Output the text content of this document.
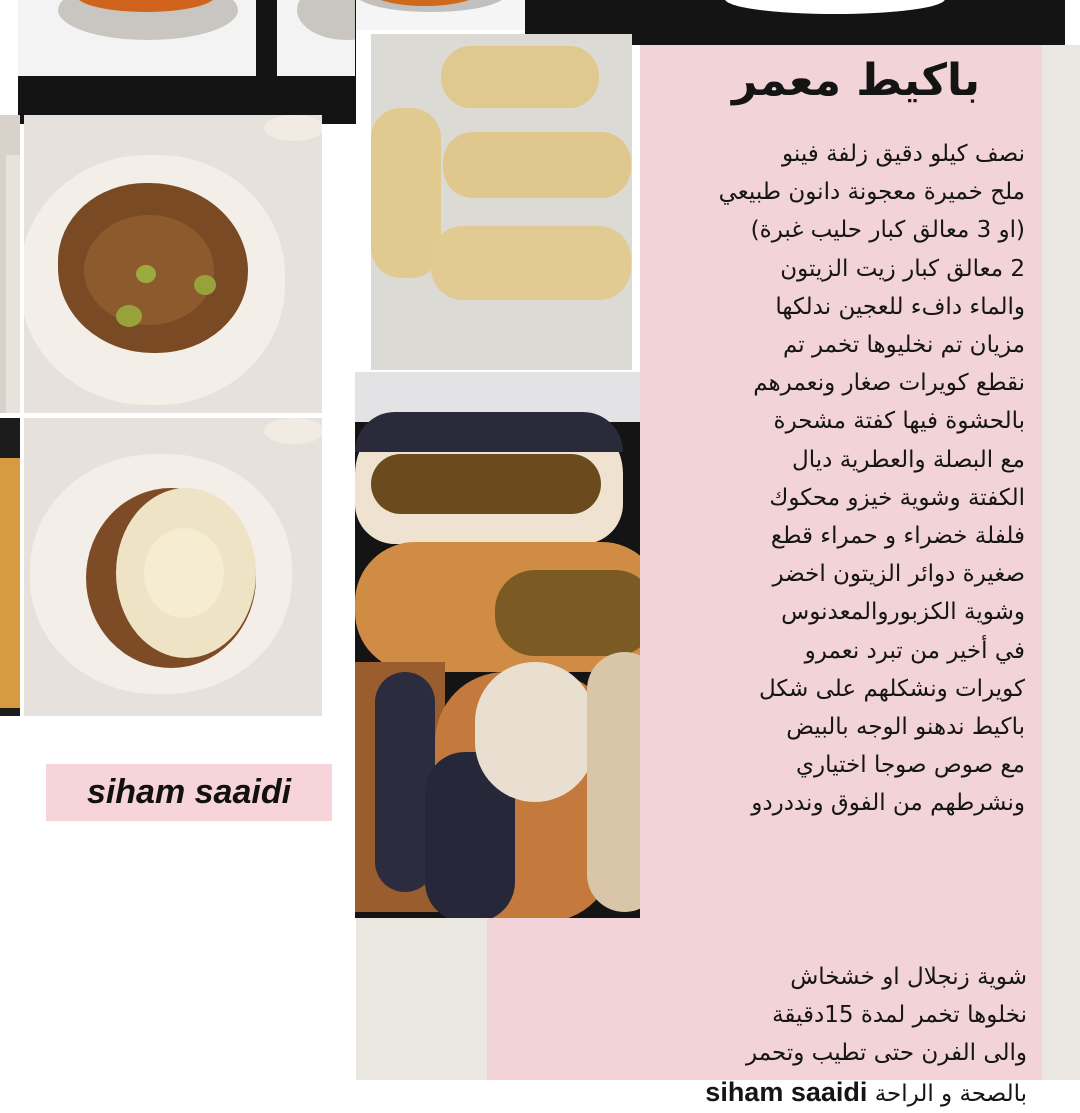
باكيط معمر
نصف كيلو دقيق زلفة فينو
ملح خميرة معجونة دانون طبيعي
(او 3 معالق كبار حليب غبرة)
2 معالق كبار زيت الزيتون
والماء دافء للعجين ندلكها
مزيان تم نخليوها تخمر تم
نقطع كويرات صغار ونعمرهم
بالحشوة فيها كفتة مشحرة
مع البصلة والعطرية ديال
الكفتة وشوية خيزو محكوك
فلفلة خضراء و حمراء قطع
صغيرة دوائر الزيتون اخضر
وشوية الكزبوروالمعدنوس
في أخير من تبرد نعمرو
كويرات ونشكلهم على شكل
باكيط ندهنو الوجه بالبيض
مع صوص صوجا اختياري
ونشرطهم من الفوق ونددردو
شوية زنجلال او خشخاش
نخلوها تخمر لمدة 15دقيقة
والى الفرن حتى تطيب وتحمر
بالصحة و الراحة siham saaidi
siham saaidi
